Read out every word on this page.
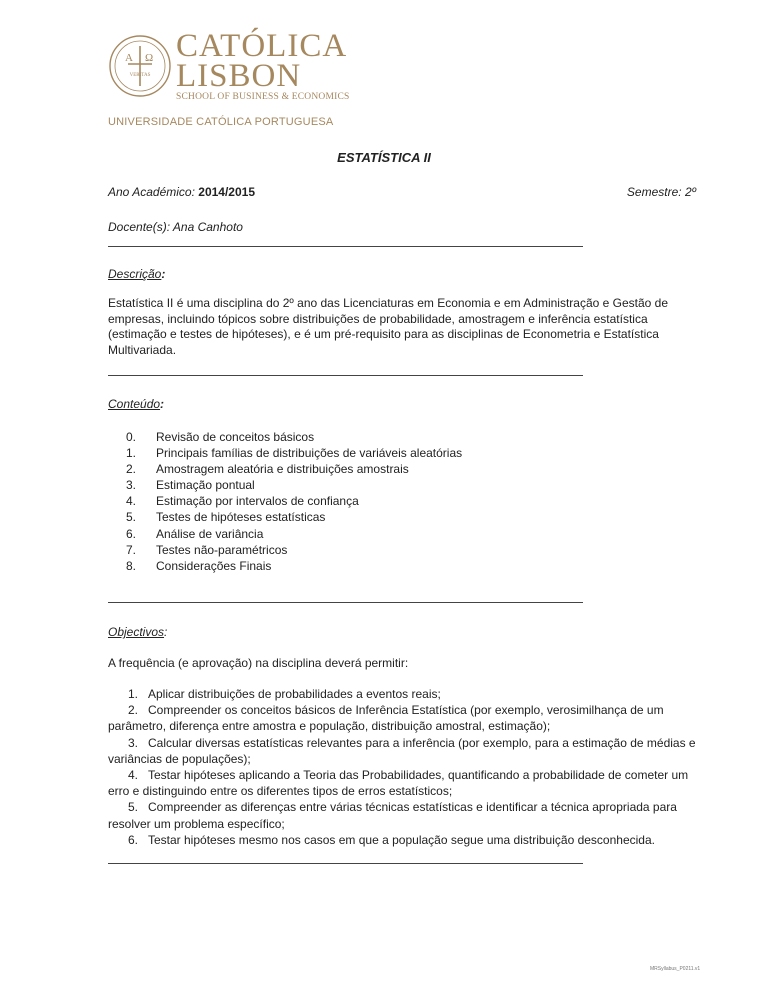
A Ω
VERITAS
CATÓLICA
LISBON
SCHOOL OF BUSINESS & ECONOMICS
UNIVERSIDADE CATÓLICA PORTUGUESA
ESTATÍSTICA II
Ano Académico: 2014/2015	Semestre: 2º
Docente(s): Ana Canhoto
Descrição:
Estatística II é uma disciplina do 2º ano das Licenciaturas em Economia e em Administração e Gestão de empresas, incluindo tópicos sobre distribuições de probabilidade, amostragem e inferência estatística (estimação e testes de hipóteses), e é um pré-requisito para as disciplinas de Econometria e Estatística Multivariada.
Conteúdo:
0. Revisão de conceitos básicos
1. Principais famílias de distribuições de variáveis aleatórias
2. Amostragem aleatória e distribuições amostrais
3. Estimação pontual
4. Estimação por intervalos de confiança
5. Testes de hipóteses estatísticas
6. Análise de variância
7. Testes não-paramétricos
8. Considerações Finais
Objectivos:
A frequência (e aprovação) na disciplina deverá permitir:
1. Aplicar distribuições de probabilidades a eventos reais;
2. Compreender os conceitos básicos de Inferência Estatística (por exemplo, verosimilhança de um parâmetro, diferença entre amostra e população, distribuição amostral, estimação);
3. Calcular diversas estatísticas relevantes para a inferência (por exemplo, para a estimação de médias e variâncias de populações);
4. Testar hipóteses aplicando a Teoria das Probabilidades, quantificando a probabilidade de cometer um erro e distinguindo entre os diferentes tipos de erros estatísticos;
5. Compreender as diferenças entre várias técnicas estatísticas e identificar a técnica apropriada para resolver um problema específico;
6. Testar hipóteses mesmo nos casos em que a população segue uma distribuição desconhecida.
MRSyllabus_P0211.v1
